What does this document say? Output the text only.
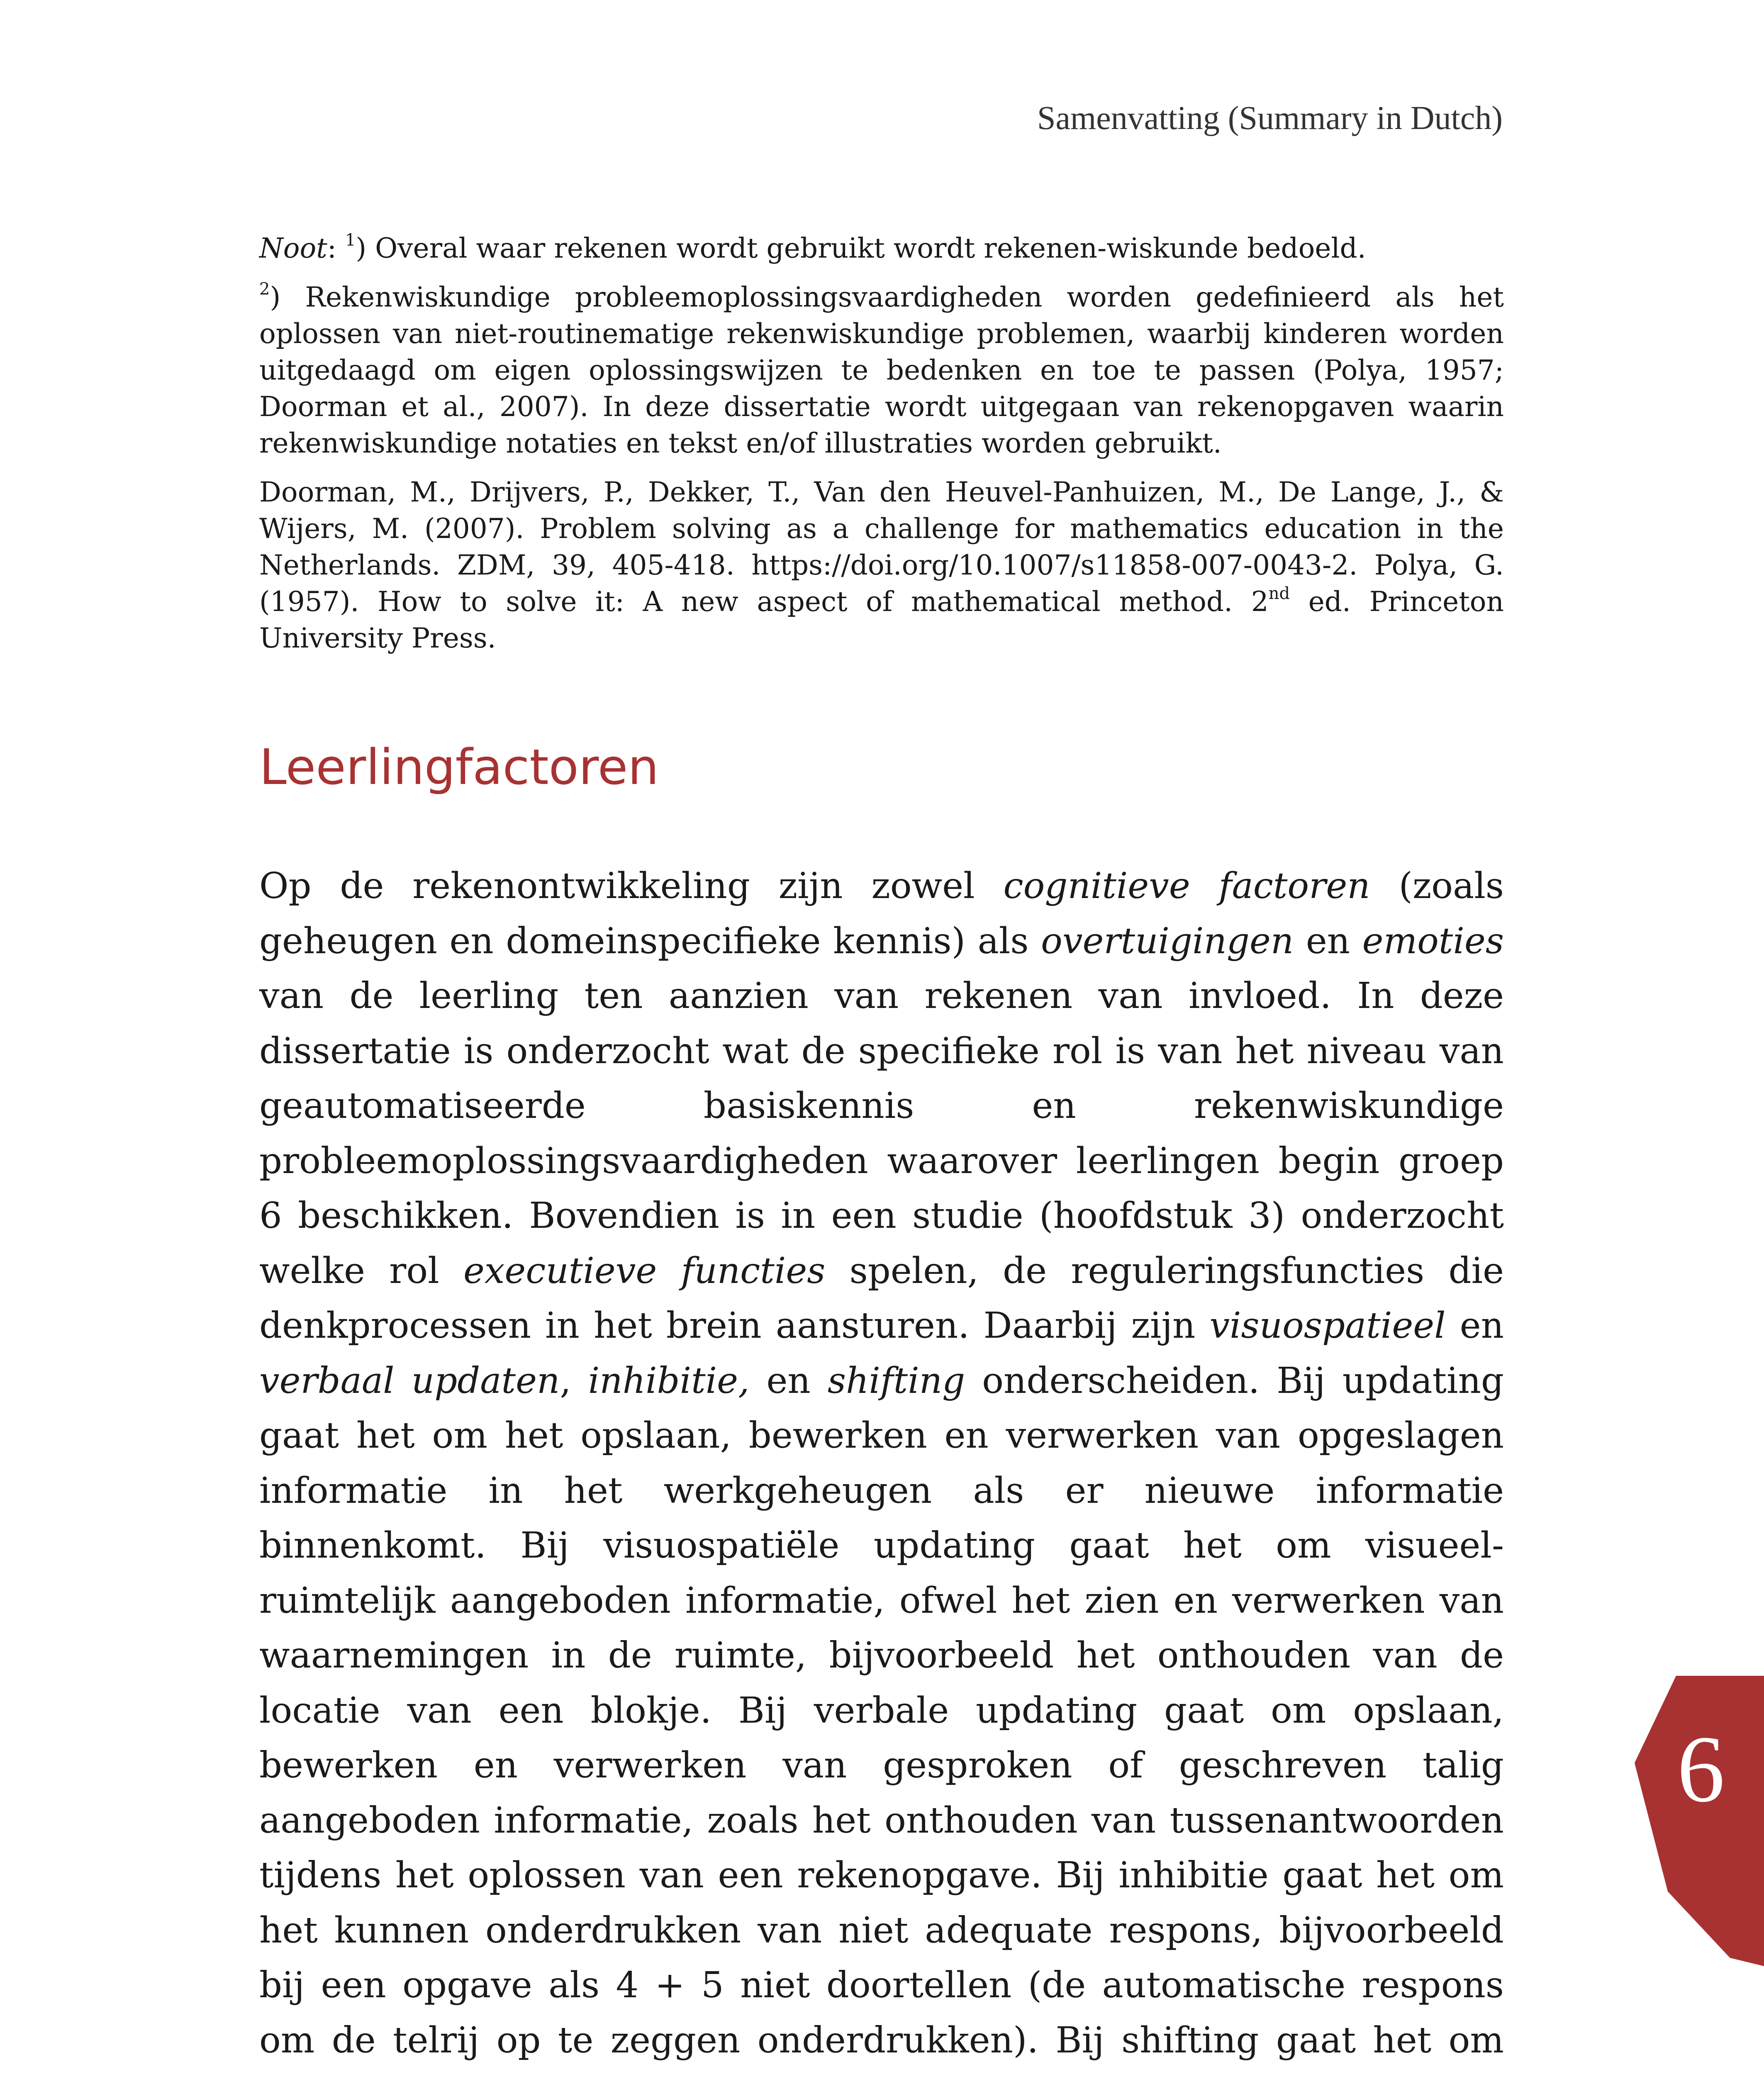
Samenvatting (Summary in Dutch)

Noot: $^1$) Overal waar rekenen wordt gebruikt wordt rekenen-wiskunde bedoeld.

$^2$) Rekenwiskundige probleemoplossingsvaardigheden worden gedefinieerd als het oplossen van niet-routinematige rekenwiskundige problemen, waarbij kinderen worden uitgedaagd om eigen oplossingswijzen te bedenken en toe te passen (Polya, 1957; Doorman et al., 2007). In deze dissertatie wordt uitgegaan van rekenopgaven waarin rekenwiskundige notaties en tekst en/of illustraties worden gebruikt.

Doorman, M., Drijvers, P., Dekker, T., Van den Heuvel-Panhuizen, M., De Lange, J., & Wijers, M. (2007). Problem solving as a challenge for mathematics education in the Netherlands. ZDM, 39, 405-418. https://doi.org/10.1007/s11858-007-0043-2. Polya, G. (1957). How to solve it: A new aspect of mathematical method. 2nd ed. Princeton University Press.

Leerlingfactoren

Op de rekenontwikkeling zijn zowel cognitieve factoren (zoals geheugen en domeinspecifieke kennis) als overtuigingen en emoties van de leerling ten aanzien van rekenen van invloed. In deze dissertatie is onderzocht wat de specifieke rol is van het niveau van geautomatiseerde basiskennis en rekenwiskundige probleemoplossingsvaardigheden waarover leerlingen begin groep 6 beschikken. Bovendien is in een studie (hoofdstuk 3) onderzocht welke rol executieve functies spelen, de reguleringsfuncties die denkprocessen in het brein aansturen. Daarbij zijn visuospatieel en verbaal updaten, inhibitie, en shifting onderscheiden. Bij updating gaat het om het opslaan, bewerken en verwerken van opgeslagen informatie in het werkgeheugen als er nieuwe informatie binnenkomt. Bij visuospatiële updating gaat het om visueel-ruimtelijk aangeboden informatie, ofwel het zien en verwerken van waarnemingen in de ruimte, bijvoorbeeld het onthouden van de locatie van een blokje. Bij verbale updating gaat om opslaan, bewerken en verwerken van gesproken of geschreven talig aangeboden informatie, zoals het onthouden van tussenantwoorden tijdens het oplossen van een rekenopgave. Bij inhibitie gaat het om het kunnen onderdrukken van niet adequate respons, bijvoorbeeld bij een opgave als 4 + 5 niet doortellen (de automatische respons om de telrij op te zeggen onderdrukken). Bij shifting gaat het om

6
